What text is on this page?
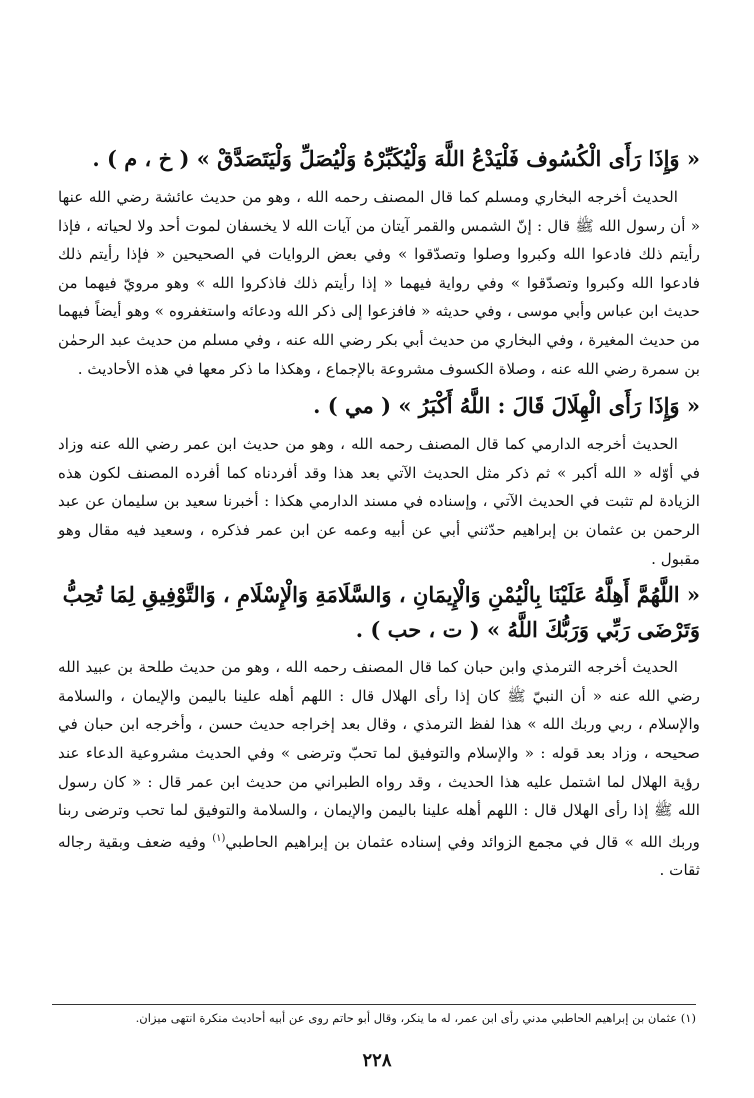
« وَإِذَا رَأَى الْكُسُوف فَلْيَدْعُ اللَّهَ وَلْيُكَبِّرْهُ وَلْيُصَلِّ وَلْيَتَصَدَّقْ » ( خ ، م ) .

الحديث أخرجه البخاري ومسلم كما قال المصنف رحمه الله ، وهو من حديث عائشة رضي الله عنها « أن رسول الله ﷺ قال : إنّ الشمس والقمر آيتان من آيات الله لا يخسفان لموت أحد ولا لحياته ، فإذا رأيتم ذلك فادعوا الله وكبروا وصلوا وتصدّقوا » وفي بعض الروايات في الصحيحين « فإذا رأيتم ذلك فادعوا الله وكبروا وتصدّقوا » وفي رواية فيهما « إذا رأيتم ذلك فاذكروا الله » وهو مرويّ فيهما من حديث ابن عباس وأبي موسى ، وفي حديثه « فافزعوا إلى ذكر الله ودعائه واستغفروه » وهو أيضاً فيهما من حديث المغيرة ، وفي البخاري من حديث أبي بكر رضي الله عنه ، وفي مسلم من حديث عبد الرحمٰن بن سمرة رضي الله عنه ، وصلاة الكسوف مشروعة بالإجماع ، وهكذا ما ذكر معها في هذه الأحاديث .

« وَإِذَا رَأَى الْهِلَالَ قَالَ : اللَّهُ أَكْبَرُ » ( مي ) .

الحديث أخرجه الدارمي كما قال المصنف رحمه الله ، وهو من حديث ابن عمر رضي الله عنه وزاد في أوّله « الله أكبر » ثم ذكر مثل الحديث الآتي بعد هذا وقد أفردناه كما أفرده المصنف لكون هذه الزيادة لم تثبت في الحديث الآتي ، وإسناده في مسند الدارمي هكذا : أخبرنا سعيد بن سليمان عن عبد الرحمن بن عثمان بن إبراهيم حدّثني أبي عن أبيه وعمه عن ابن عمر فذكره ، وسعيد فيه مقال وهو مقبول .

« اللَّهُمَّ أَهِلَّهُ عَلَيْنَا بِالْيُمْنِ وَالْإِيمَانِ ، وَالسَّلَامَةِ وَالْإِسْلَامِ ، وَالتَّوْفِيقِ لِمَا تُحِبُّ وَتَرْضَى رَبِّي وَرَبُّكَ اللَّهُ » ( ت ، حب ) .

الحديث أخرجه الترمذي وابن حبان كما قال المصنف رحمه الله ، وهو من حديث طلحة بن عبيد الله رضي الله عنه « أن النبيّ ﷺ كان إذا رأى الهلال قال : اللهم أهله علينا باليمن والإيمان ، والسلامة والإسلام ، ربي وربك الله » هذا لفظ الترمذي ، وقال بعد إخراجه حديث حسن ، وأخرجه ابن حبان في صحيحه ، وزاد بعد قوله : « والإسلام والتوفيق لما تحبّ وترضى » وفي الحديث مشروعية الدعاء عند رؤية الهلال لما اشتمل عليه هذا الحديث ، وقد رواه الطبراني من حديث ابن عمر قال : « كان رسول الله ﷺ إذا رأى الهلال قال : اللهم أهله علينا باليمن والإيمان ، والسلامة والتوفيق لما تحب وترضى ربنا وربك الله » قال في مجمع الزوائد وفي إسناده عثمان بن إبراهيم الحاطبي$^{(١)}$ وفيه ضعف وبقية رجاله ثقات .

(١) عثمان بن إبراهيم الحاطبي مدني رأى ابن عمر، له ما ينكر، وقال أبو حاتم روى عن أبيه أحاديث منكرة انتهى ميزان.
٢٢٨
